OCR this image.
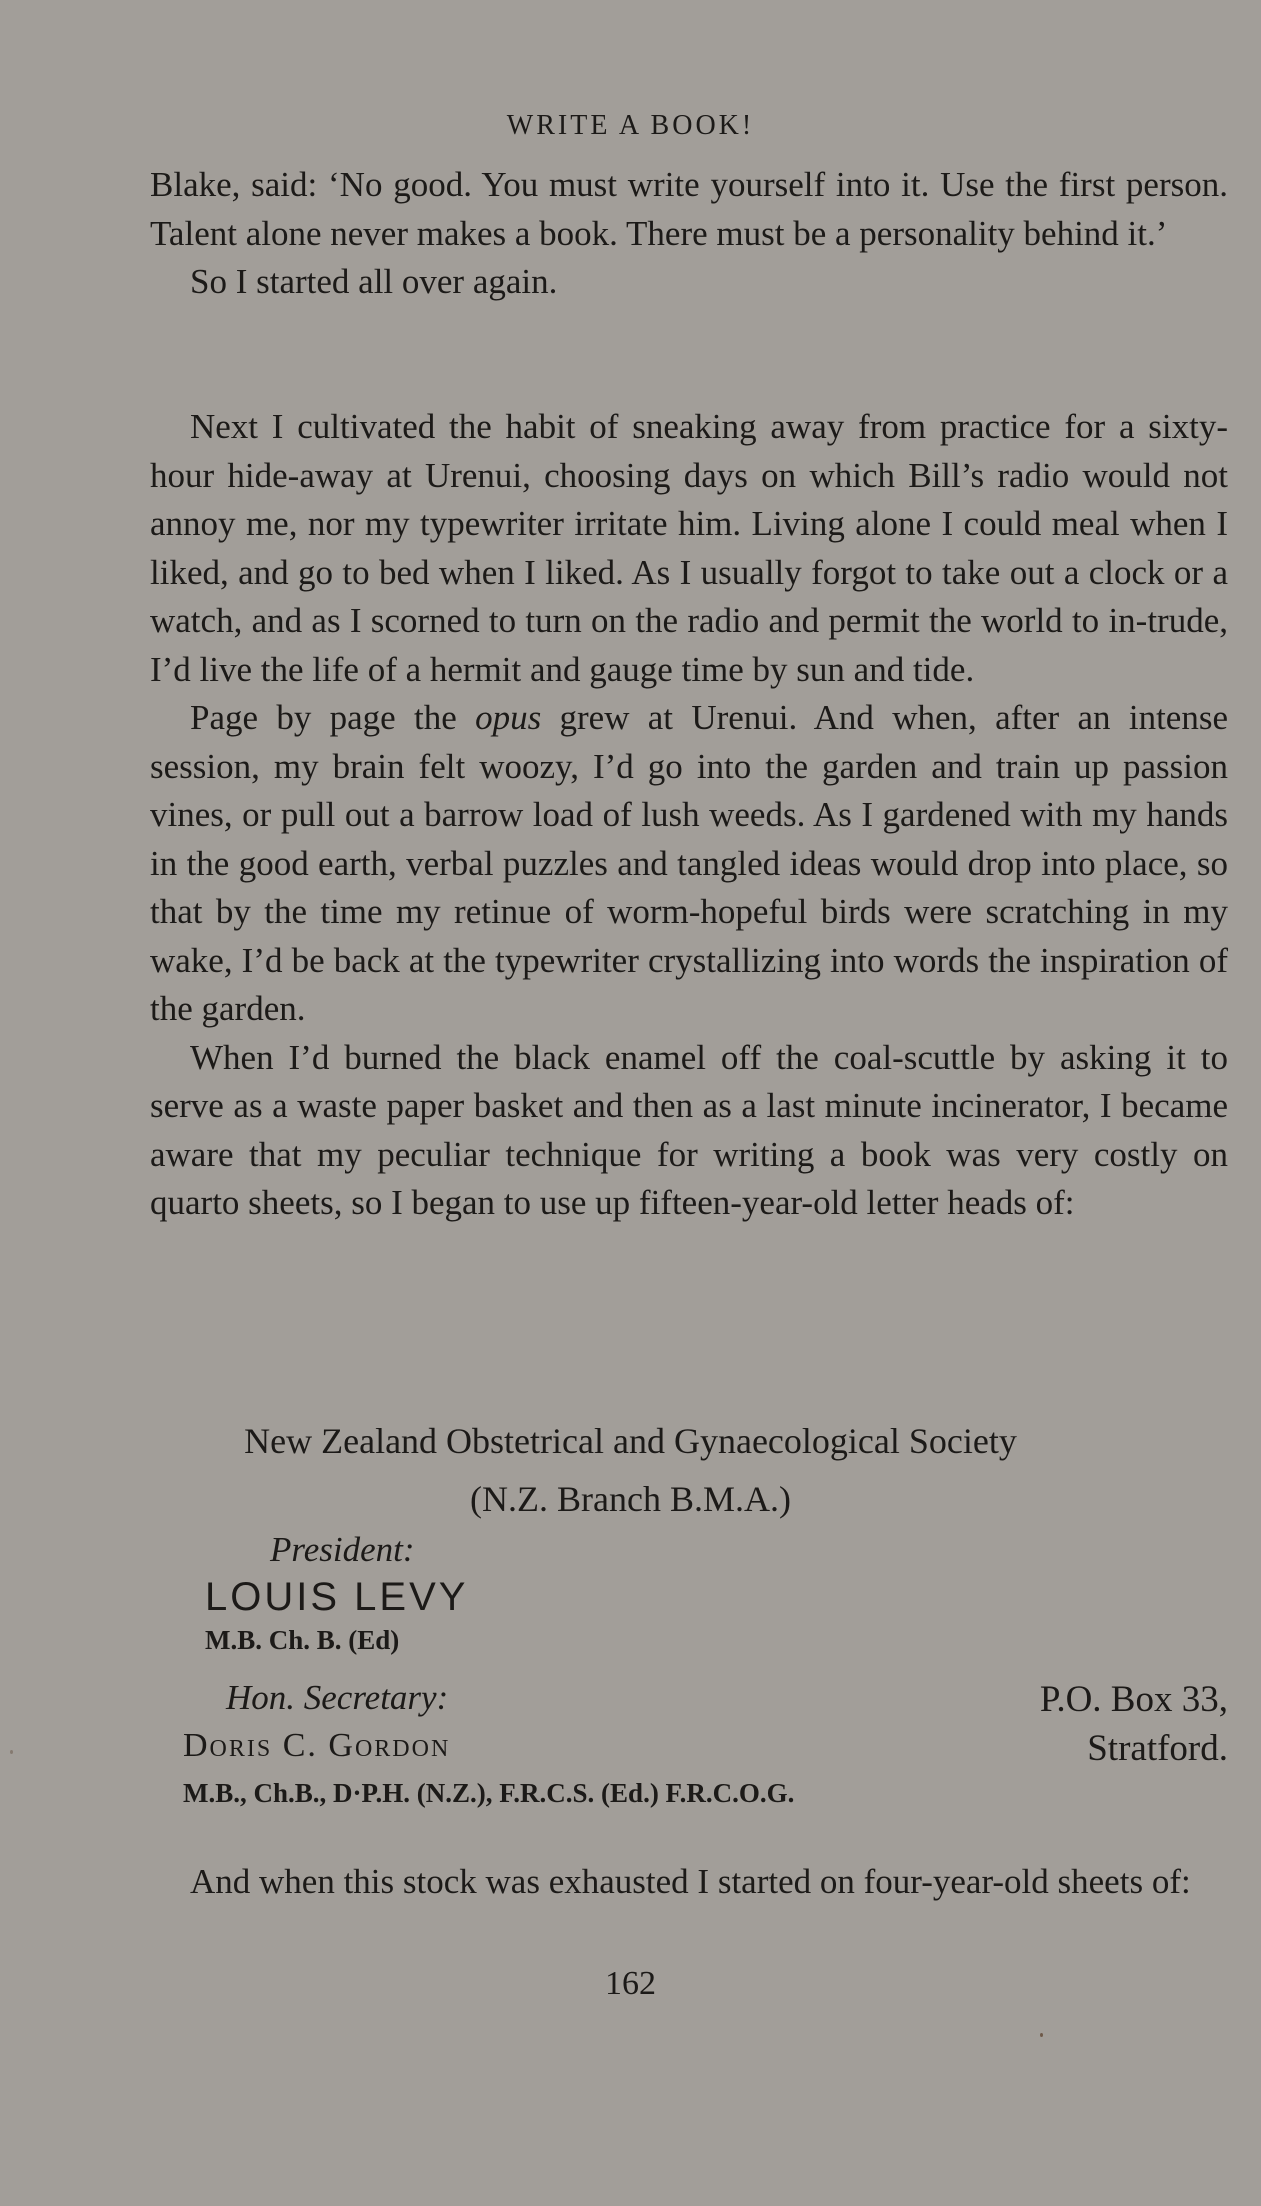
WRITE A BOOK!

Blake, said: ‘No good. You must write yourself into it. Use the first person. Talent alone never makes a book. There must be a personality behind it.’

So I started all over again.

Next I cultivated the habit of sneaking away from practice for a sixty-hour hide-away at Urenui, choosing days on which Bill’s radio would not annoy me, nor my typewriter irritate him. Living alone I could meal when I liked, and go to bed when I liked. As I usually forgot to take out a clock or a watch, and as I scorned to turn on the radio and permit the world to in-trude, I’d live the life of a hermit and gauge time by sun and tide.

Page by page the opus grew at Urenui. And when, after an intense session, my brain felt woozy, I’d go into the garden and train up passion vines, or pull out a barrow load of lush weeds. As I gardened with my hands in the good earth, verbal puzzles and tangled ideas would drop into place, so that by the time my retinue of worm-hopeful birds were scratching in my wake, I’d be back at the typewriter crystallizing into words the inspiration of the garden.

When I’d burned the black enamel off the coal-scuttle by asking it to serve as a waste paper basket and then as a last minute incinerator, I became aware that my peculiar technique for writing a book was very costly on quarto sheets, so I began to use up fifteen-year-old letter heads of:

New Zealand Obstetrical and Gynaecological Society
(N.Z. Branch B.M.A.)
President:
LOUIS LEVY
M.B. Ch. B. (Ed)
Hon. Secretary:
Doris C. Gordon
M.B., Ch.B., D·P.H. (N.Z.), F.R.C.S. (Ed.) F.R.C.O.G.
P.O. Box 33,
Stratford.

And when this stock was exhausted I started on four-year-old sheets of:

162
